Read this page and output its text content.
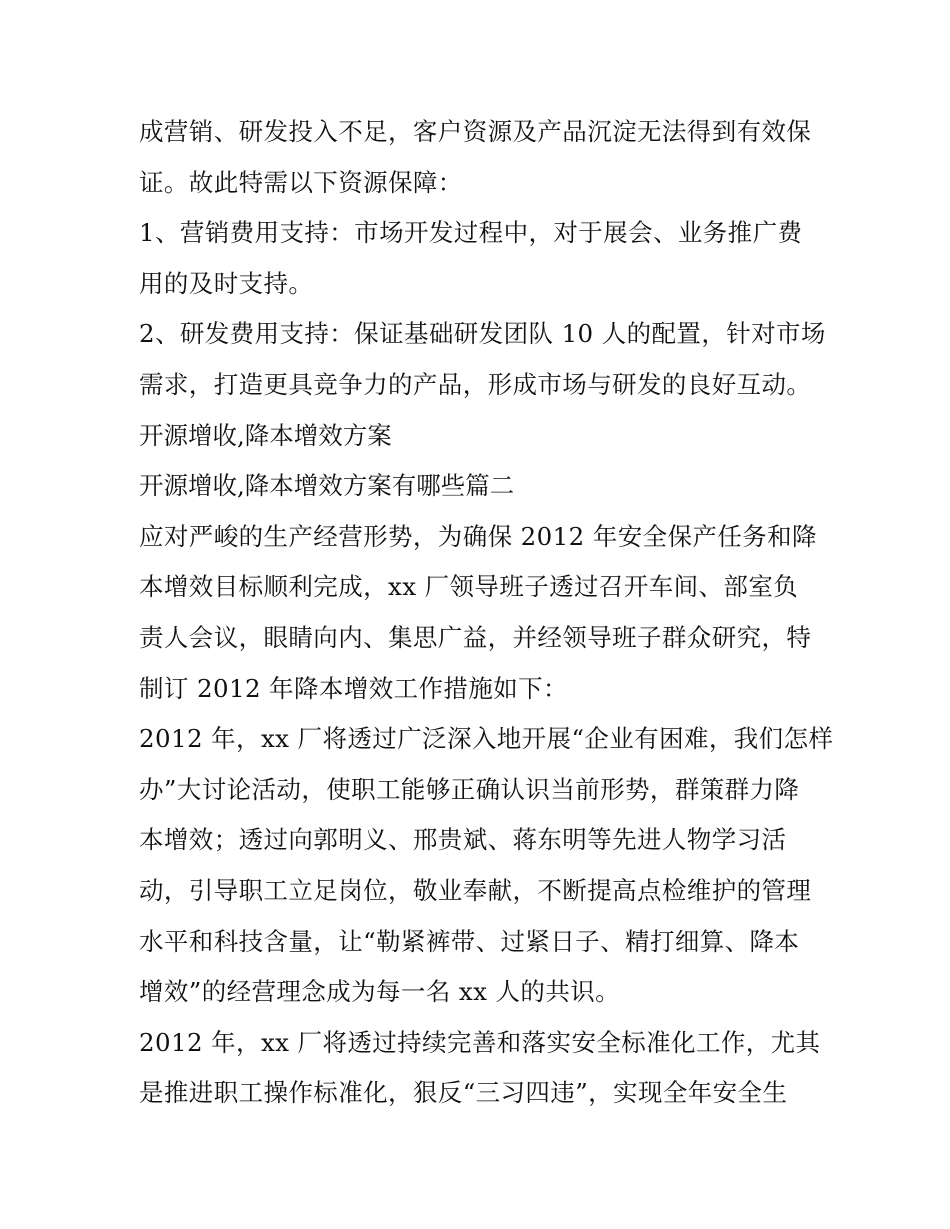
成营销、研发投入不足，客户资源及产品沉淀无法得到有效保
证。故此特需以下资源保障：
1、营销费用支持：市场开发过程中，对于展会、业务推广费
用的及时支持。
2、研发费用支持：保证基础研发团队 10 人的配置，针对市场
需求，打造更具竞争力的产品，形成市场与研发的良好互动。
开源增收,降本增效方案
开源增收,降本增效方案有哪些篇二
应对严峻的生产经营形势，为确保 2012 年安全保产任务和降
本增效目标顺利完成，xx 厂领导班子透过召开车间、部室负
责人会议，眼睛向内、集思广益，并经领导班子群众研究，特
制订 2012 年降本增效工作措施如下：
2012 年，xx 厂将透过广泛深入地开展“企业有困难，我们怎样
办”大讨论活动，使职工能够正确认识当前形势，群策群力降
本增效；透过向郭明义、邢贵斌、蒋东明等先进人物学习活
动，引导职工立足岗位，敬业奉献，不断提高点检维护的管理
水平和科技含量，让“勒紧裤带、过紧日子、精打细算、降本
增效”的经营理念成为每一名 xx 人的共识。
2012 年，xx 厂将透过持续完善和落实安全标准化工作，尤其
是推进职工操作标准化，狠反“三习四违”，实现全年安全生
